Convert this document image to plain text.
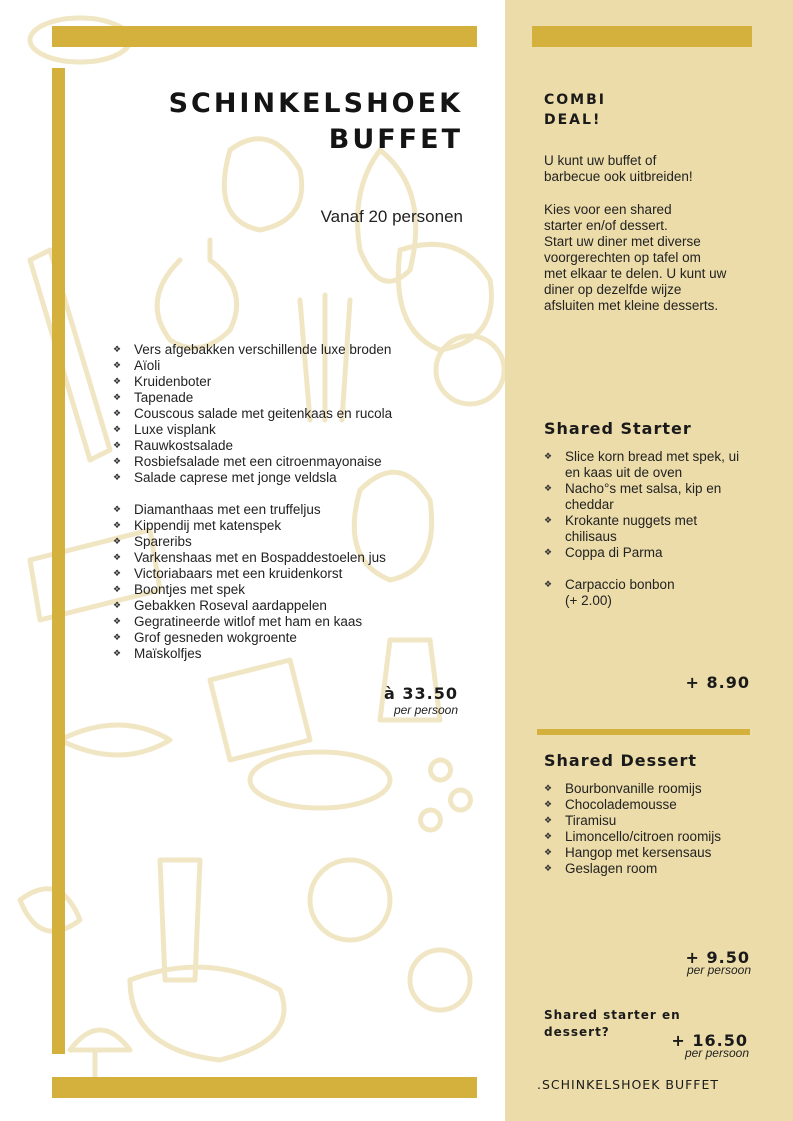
SCHINKELSHOEK
BUFFET

Vanaf 20 personen

❖ Vers afgebakken verschillende luxe broden
❖ Aïoli
❖ Kruidenboter
❖ Tapenade
❖ Couscous salade met geitenkaas en rucola
❖ Luxe visplank
❖ Rauwkostsalade
❖ Rosbiefsalade met een citroenmayonaise
❖ Salade caprese met jonge veldsla
❖ Diamanthaas met een truffeljus
❖ Kippendij met katenspek
❖ Spareribs
❖ Varkenshaas met en Bospaddestoelen jus
❖ Victoriabaars met een kruidenkorst
❖ Boontjes met spek
❖ Gebakken Roseval aardappelen
❖ Gegratineerde witlof met ham en kaas
❖ Grof gesneden wokgroente
❖ Maïskolfjes
à 33.50
per persoon
COMBI
DEAL!

U kunt uw buffet of
barbecue ook uitbreiden!

Kies voor een shared
starter en/of dessert.
Start uw diner met diverse
voorgerechten op tafel om
met elkaar te delen. U kunt uw
diner op dezelfde wijze
afsluiten met kleine desserts.

Shared Starter
❖ Slice korn bread met spek, ui en kaas uit de oven
❖ Nacho°s met salsa, kip en cheddar
❖ Krokante nuggets met chilisaus
❖ Coppa di Parma
❖ Carpaccio bonbon
(+ 2.00)
+ 8.90
Shared Dessert
❖ Bourbonvanille roomijs
❖ Chocolademousse
❖ Tiramisu
❖ Limoncello/citroen roomijs
❖ Hangop met kersensaus
❖ Geslagen room
+ 9.50
per persoon

Shared starter en
dessert?	+ 16.50
per persoon

.SCHINKELSHOEK BUFFET
